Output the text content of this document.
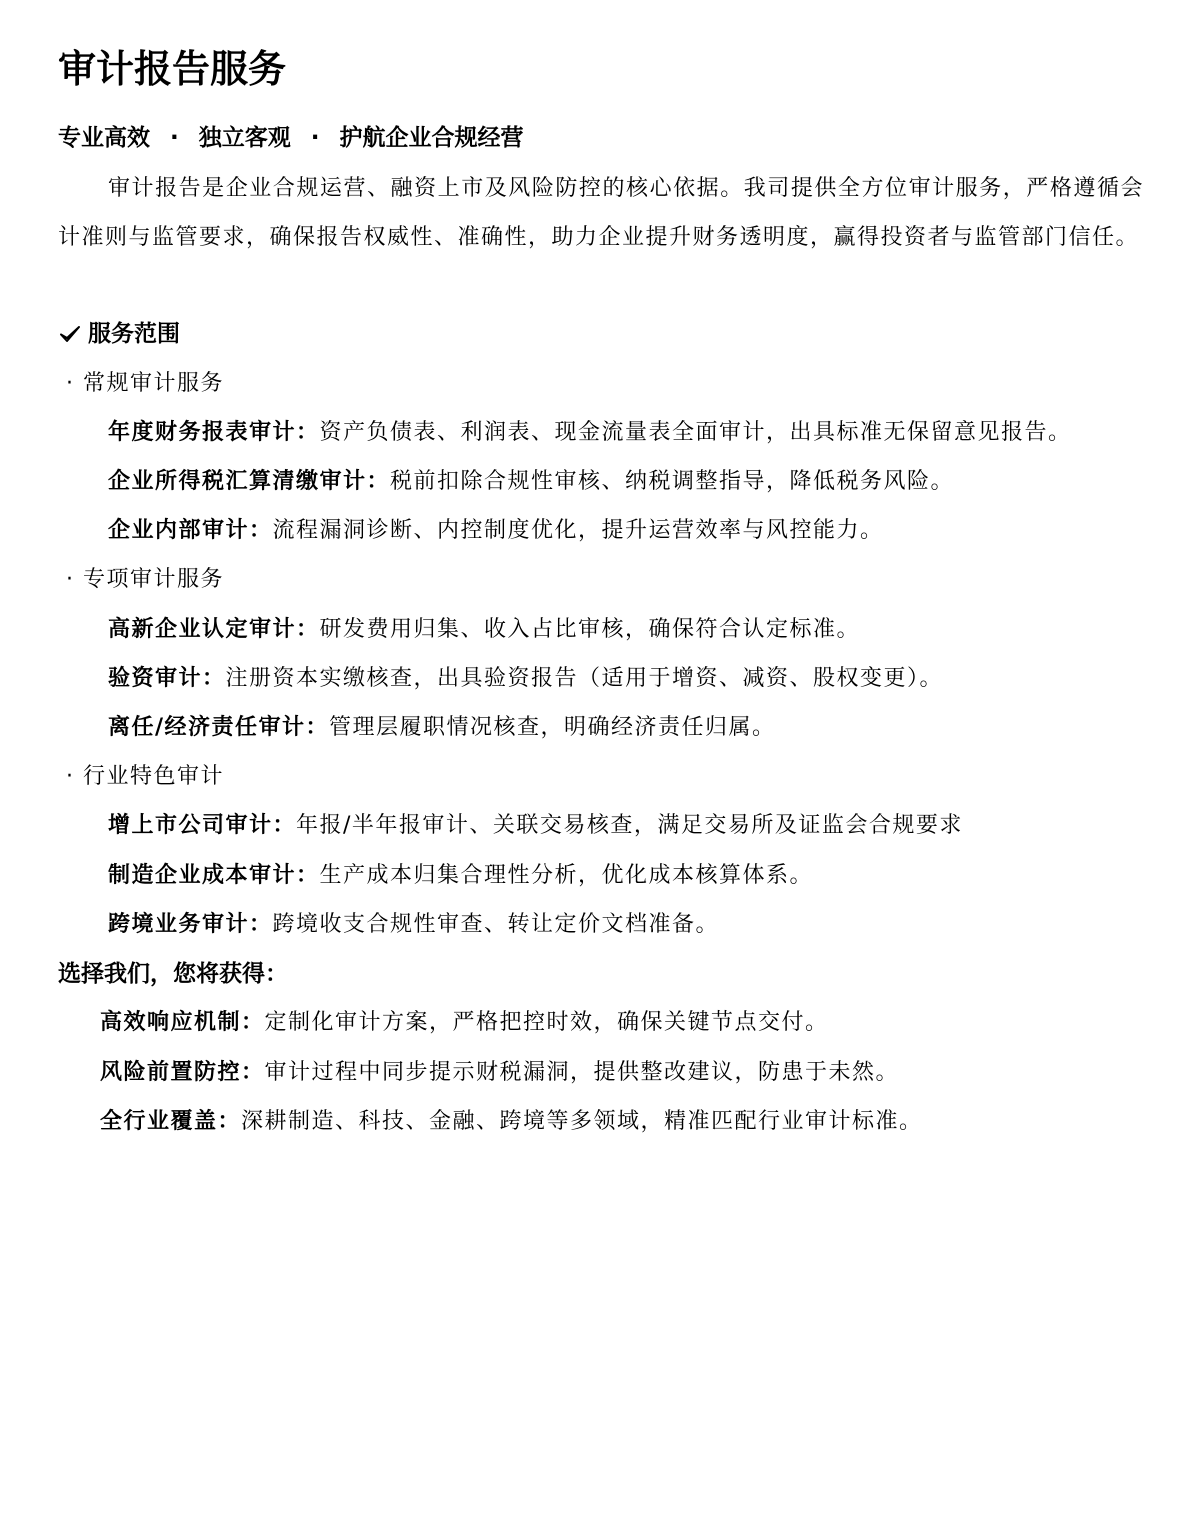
审计报告服务
专业高效 · 独立客观 · 护航企业合规经营

审计报告是企业合规运营、融资上市及风险防控的核心依据。我司提供全方位审计服务，严格遵循会计准则与监管要求，确保报告权威性、准确性，助力企业提升财务透明度，赢得投资者与监管部门信任。

服务范围
· 常规审计服务
年度财务报表审计：资产负债表、利润表、现金流量表全面审计，出具标准无保留意见报告。
企业所得税汇算清缴审计：税前扣除合规性审核、纳税调整指导，降低税务风险。
企业内部审计：流程漏洞诊断、内控制度优化，提升运营效率与风控能力。
· 专项审计服务
高新企业认定审计：研发费用归集、收入占比审核，确保符合认定标准。
验资审计：注册资本实缴核查，出具验资报告（适用于增资、减资、股权变更）。
离任/经济责任审计：管理层履职情况核查，明确经济责任归属。
· 行业特色审计
增上市公司审计：年报/半年报审计、关联交易核查，满足交易所及证监会合规要求
制造企业成本审计：生产成本归集合理性分析，优化成本核算体系。
跨境业务审计：跨境收支合规性审查、转让定价文档准备。
选择我们，您将获得：
高效响应机制：定制化审计方案，严格把控时效，确保关键节点交付。
风险前置防控：审计过程中同步提示财税漏洞，提供整改建议，防患于未然。
全行业覆盖：深耕制造、科技、金融、跨境等多领域，精准匹配行业审计标准。
